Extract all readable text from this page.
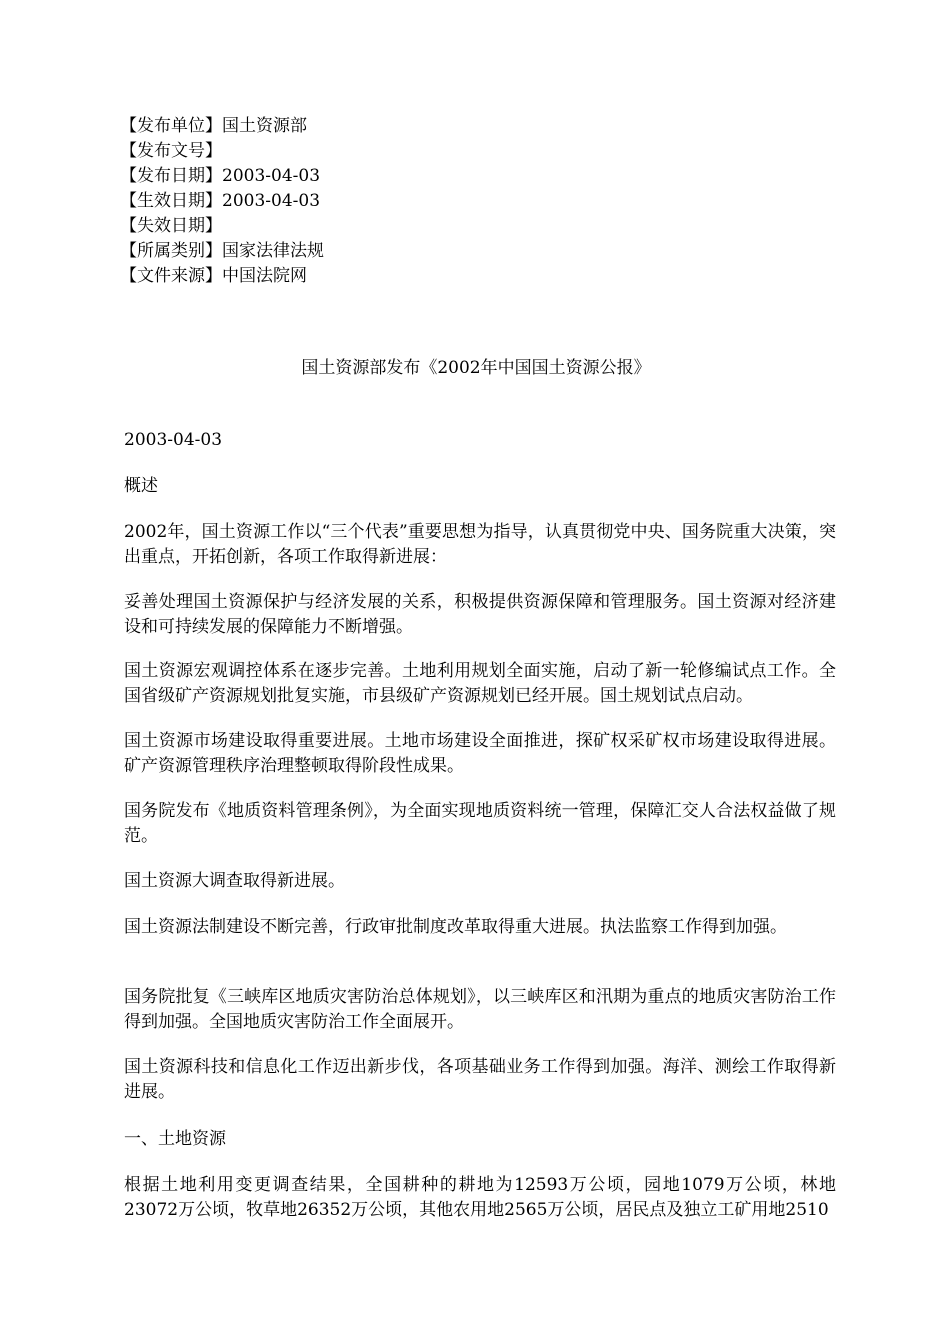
【发布单位】国土资源部
【发布文号】
【发布日期】2003-04-03
【生效日期】2003-04-03
【失效日期】
【所属类别】国家法律法规
【文件来源】中国法院网
国土资源部发布《2002年中国国土资源公报》
2003-04-03
概述
2002年，国土资源工作以“三个代表”重要思想为指导，认真贯彻党中央、国务院重大决策，突出重点，开拓创新，各项工作取得新进展：
妥善处理国土资源保护与经济发展的关系，积极提供资源保障和管理服务。国土资源对经济建设和可持续发展的保障能力不断增强。
国土资源宏观调控体系在逐步完善。土地利用规划全面实施，启动了新一轮修编试点工作。全国省级矿产资源规划批复实施，市县级矿产资源规划已经开展。国土规划试点启动。
国土资源市场建设取得重要进展。土地市场建设全面推进，探矿权采矿权市场建设取得进展。矿产资源管理秩序治理整顿取得阶段性成果。
国务院发布《地质资料管理条例》，为全面实现地质资料统一管理，保障汇交人合法权益做了规范。
国土资源大调查取得新进展。
国土资源法制建设不断完善，行政审批制度改革取得重大进展。执法监察工作得到加强。
国务院批复《三峡库区地质灾害防治总体规划》，以三峡库区和汛期为重点的地质灾害防治工作得到加强。全国地质灾害防治工作全面展开。
国土资源科技和信息化工作迈出新步伐，各项基础业务工作得到加强。海洋、测绘工作取得新进展。
一、土地资源
根据土地利用变更调查结果，全国耕种的耕地为12593万公顷，园地1079万公顷，林地23072万公顷，牧草地26352万公顷，其他农用地2565万公顷，居民点及独立工矿用地2510
